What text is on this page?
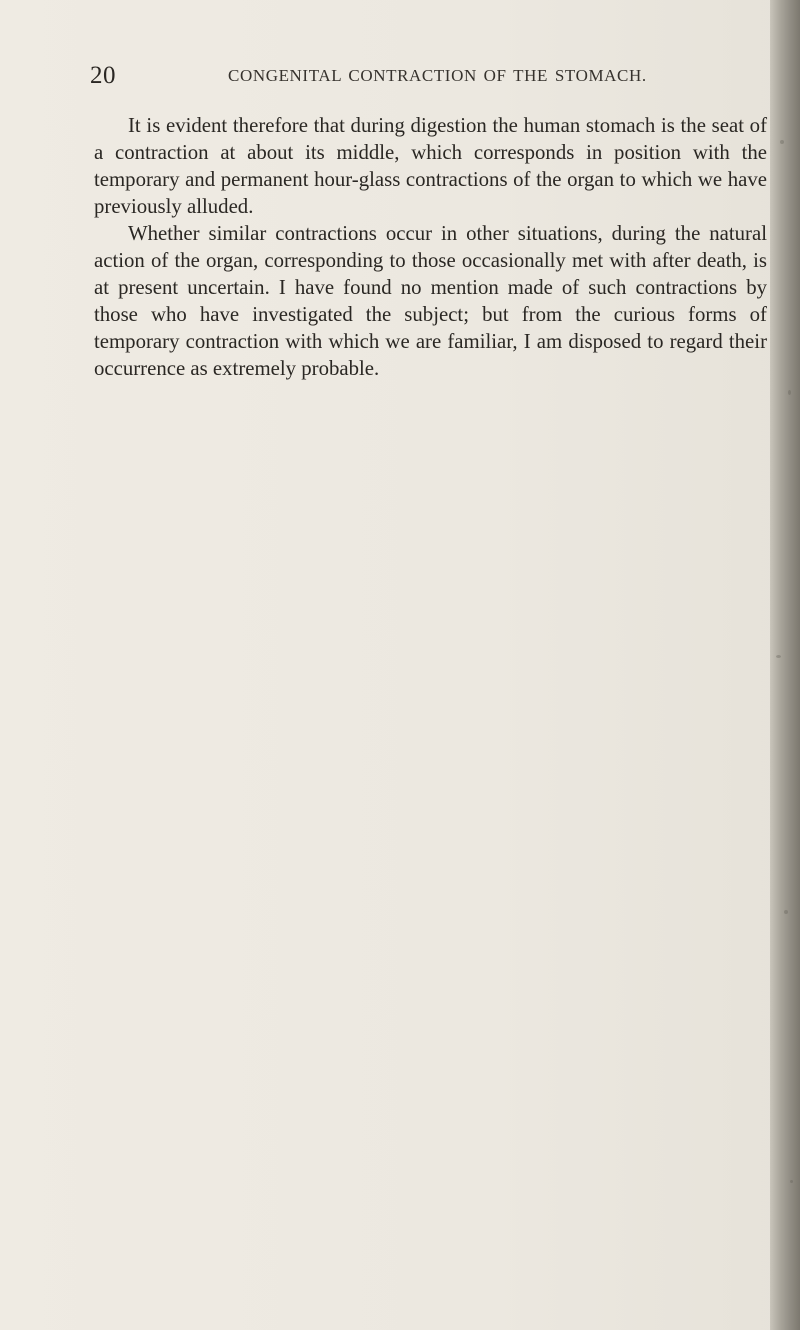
20	CONGENITAL CONTRACTION OF THE STOMACH.

It is evident therefore that during digestion the human stomach is the seat of a contraction at about its middle, which corresponds in position with the temporary and permanent hour-glass contractions of the organ to which we have previously alluded.

Whether similar contractions occur in other situations, during the natural action of the organ, corresponding to those occasionally met with after death, is at present uncertain. I have found no mention made of such contractions by those who have investigated the subject; but from the curious forms of temporary contraction with which we are familiar, I am disposed to regard their occurrence as extremely probable.
